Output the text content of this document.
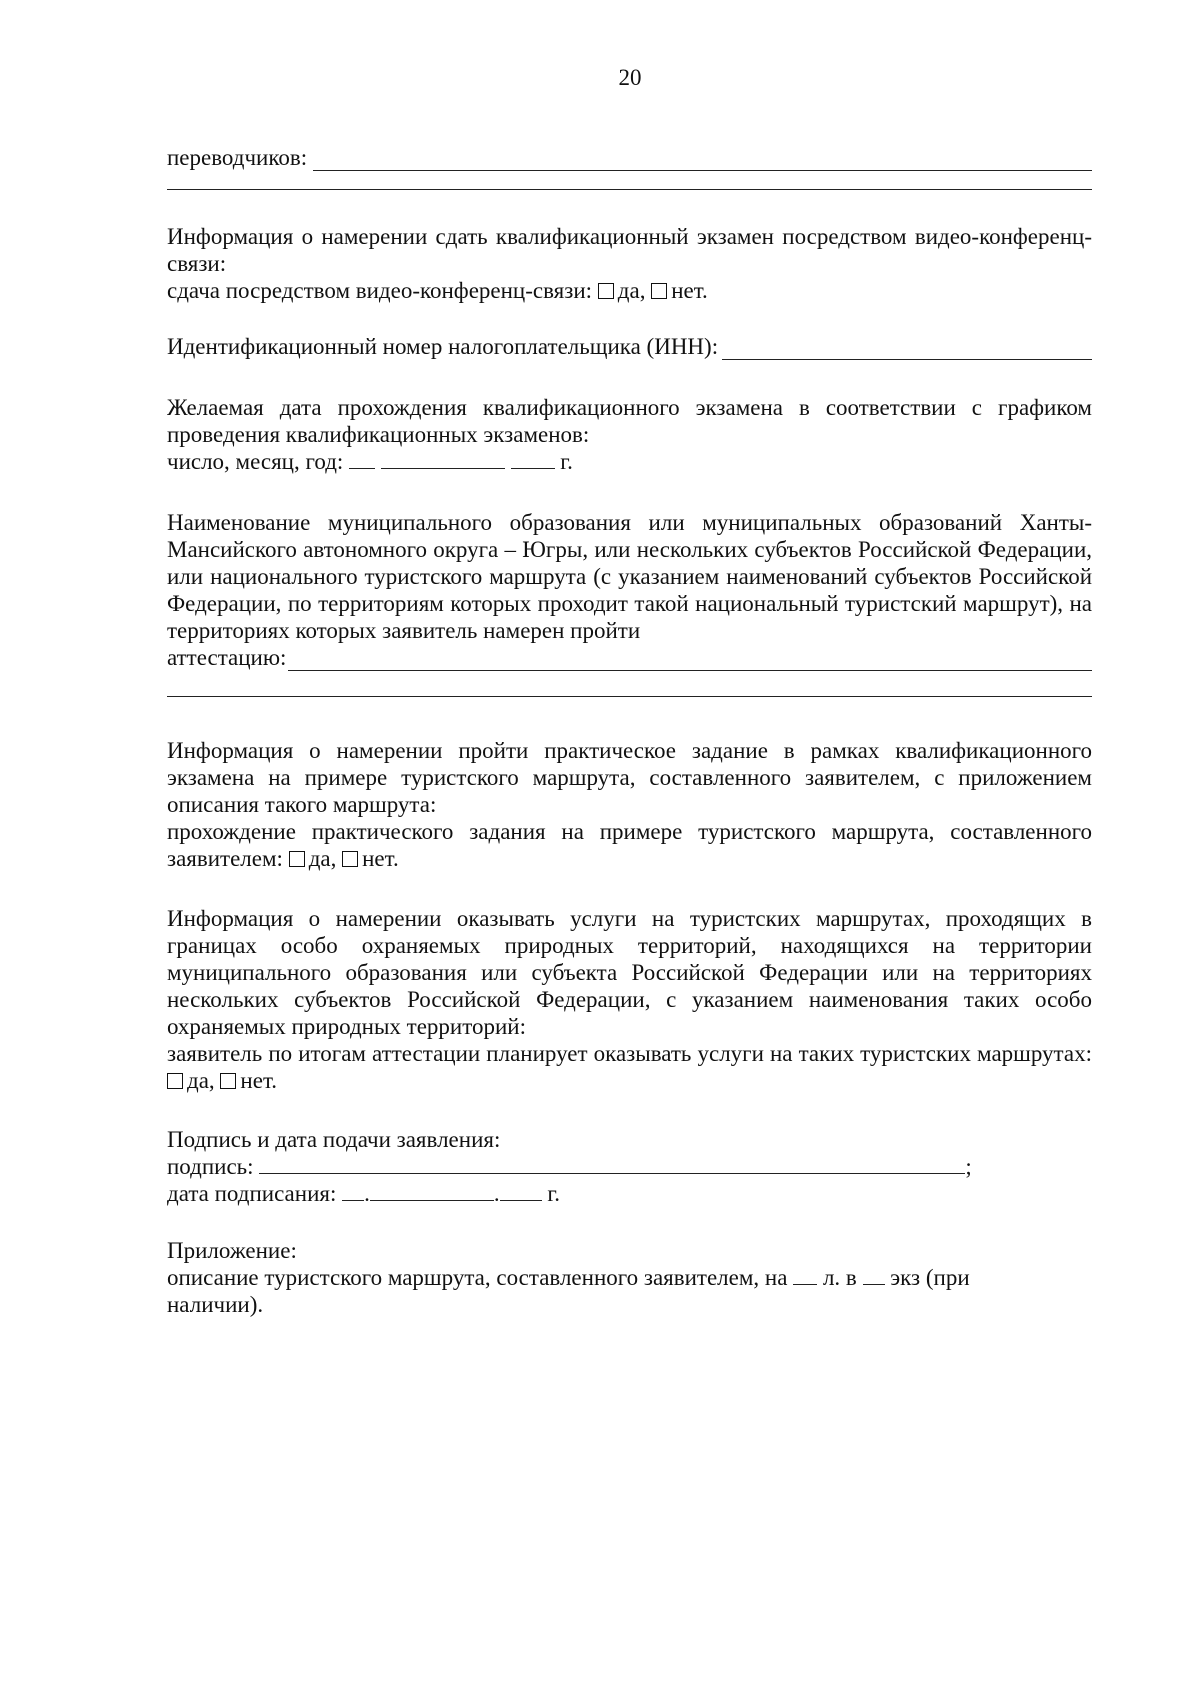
20
переводчиков:
Информация о намерении сдать квалификационный экзамен посредством видео-конференц-связи:
сдача посредством видео-конференц-связи: да, нет.
Идентификационный номер налогоплательщика (ИНН):
Желаемая дата прохождения квалификационного экзамена в соответствии с графиком проведения квалификационных экзаменов:
число, месяц, год:	г.
Наименование муниципального образования или муниципальных образований Ханты-Мансийского автономного округа – Югры, или нескольких субъектов Российской Федерации, или национального туристского маршрута (с указанием наименований субъектов Российской Федерации, по территориям которых проходит такой национальный туристский маршрут), на территориях которых заявитель намерен пройти
аттестацию:
Информация о намерении пройти практическое задание в рамках квалификационного экзамена на примере туристского маршрута, составленного заявителем, с приложением описания такого маршрута:
прохождение практического задания на примере туристского маршрута, составленного заявителем: да, нет.
Информация о намерении оказывать услуги на туристских маршрутах, проходящих в границах особо охраняемых природных территорий, находящихся на территории муниципального образования или субъекта Российской Федерации или на территориях нескольких субъектов Российской Федерации, с указанием наименования таких особо охраняемых природных территорий:
заявитель по итогам аттестации планирует оказывать услуги на таких туристских маршрутах: да, нет.
Подпись и дата подачи заявления:
подпись:	;
дата подписания: .	. г.
Приложение:
описание туристского маршрута, составленного заявителем, на л. в экз (при наличии).
